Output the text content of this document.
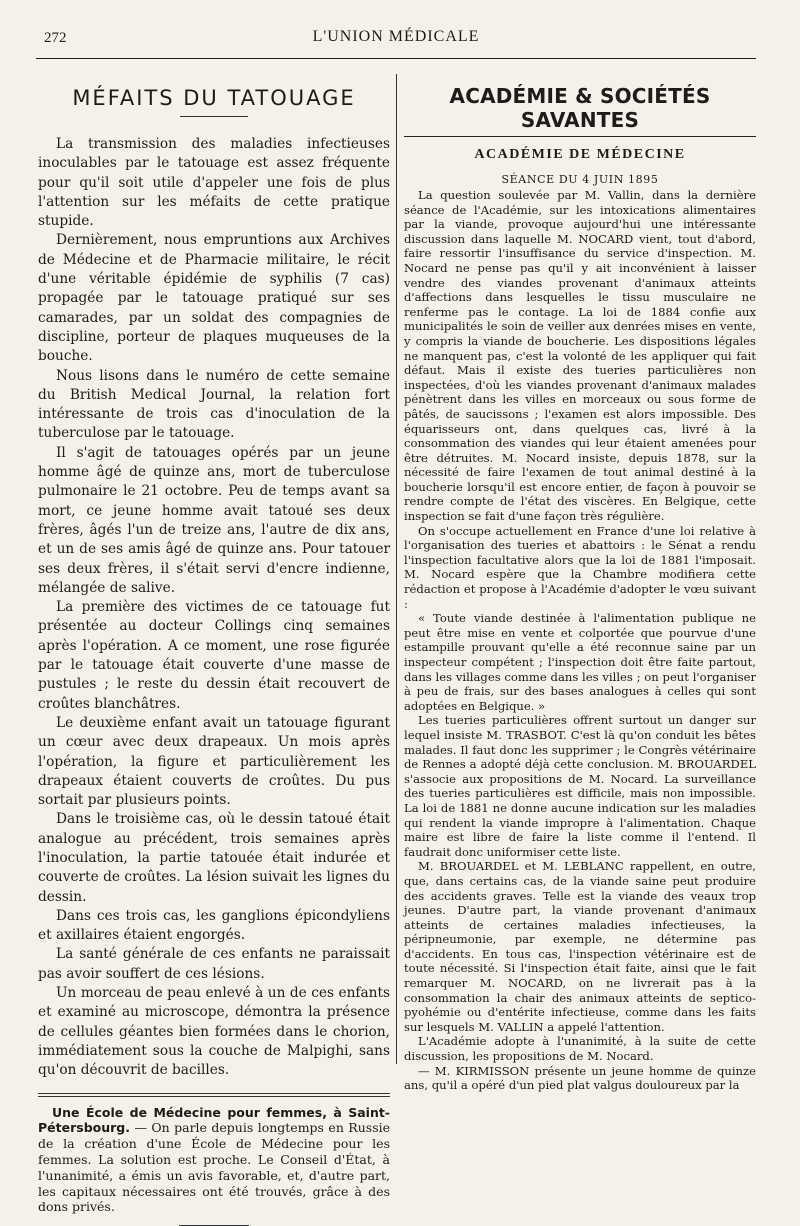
272	L'UNION MÉDICALE
MÉFAITS DU TATOUAGE

La transmission des maladies infectieuses inoculables par le tatouage est assez fréquente pour qu'il soit utile d'appeler une fois de plus l'attention sur les méfaits de cette pratique stupide.

Dernièrement, nous empruntions aux Archives de Médecine et de Pharmacie militaire, le récit d'une véritable épidémie de syphilis (7 cas) propagée par le tatouage pratiqué sur ses camarades, par un soldat des compagnies de discipline, porteur de plaques muqueuses de la bouche.

Nous lisons dans le numéro de cette semaine du British Medical Journal, la relation fort intéressante de trois cas d'inoculation de la tuberculose par le tatouage.

Il s'agit de tatouages opérés par un jeune homme âgé de quinze ans, mort de tuberculose pulmonaire le 21 octobre. Peu de temps avant sa mort, ce jeune homme avait tatoué ses deux frères, âgés l'un de treize ans, l'autre de dix ans, et un de ses amis âgé de quinze ans. Pour tatouer ses deux frères, il s'était servi d'encre indienne, mélangée de salive.

La première des victimes de ce tatouage fut présentée au docteur Collings cinq semaines après l'opération. A ce moment, une rose figurée par le tatouage était couverte d'une masse de pustules ; le reste du dessin était recouvert de croûtes blanchâtres.

Le deuxième enfant avait un tatouage figurant un cœur avec deux drapeaux. Un mois après l'opération, la figure et particulièrement les drapeaux étaient couverts de croûtes. Du pus sortait par plusieurs points.

Dans le troisième cas, où le dessin tatoué était analogue au précédent, trois semaines après l'inoculation, la partie tatouée était indurée et couverte de croûtes. La lésion suivait les lignes du dessin.

Dans ces trois cas, les ganglions épicondyliens et axillaires étaient engorgés.

La santé générale de ces enfants ne paraissait pas avoir souffert de ces lésions.

Un morceau de peau enlevé à un de ces enfants et examiné au microscope, démontra la présence de cellules géantes bien formées dans le chorion, immédiatement sous la couche de Malpighi, sans qu'on découvrit de bacilles.

Une École de Médecine pour femmes, à Saint-Pétersbourg. — On parle depuis longtemps en Russie de la création d'une École de Médecine pour les femmes. La solution est proche. Le Conseil d'État, à l'unanimité, a émis un avis favorable, et, d'autre part, les capitaux nécessaires ont été trouvés, grâce à des dons privés.

ACADÉMIE & SOCIÉTÉS SAVANTES
ACADÉMIE DE MÉDECINE
SÉANCE DU 4 JUIN 1895

La question soulevée par M. Vallin, dans la dernière séance de l'Académie, sur les intoxications alimentaires par la viande, provoque aujourd'hui une intéressante discussion dans laquelle M. NOCARD vient, tout d'abord, faire ressortir l'insuffisance du service d'inspection. M. Nocard ne pense pas qu'il y ait inconvénient à laisser vendre des viandes provenant d'animaux atteints d'affections dans lesquelles le tissu musculaire ne renferme pas le contage. La loi de 1884 confie aux municipalités le soin de veiller aux denrées mises en vente, y compris la viande de boucherie. Les dispositions légales ne manquent pas, c'est la volonté de les appliquer qui fait défaut. Mais il existe des tueries particulières non inspectées, d'où les viandes provenant d'animaux malades pénètrent dans les villes en morceaux ou sous forme de pâtés, de saucissons ; l'examen est alors impossible. Des équarisseurs ont, dans quelques cas, livré à la consommation des viandes qui leur étaient amenées pour être détruites. M. Nocard insiste, depuis 1878, sur la nécessité de faire l'examen de tout animal destiné à la boucherie lorsqu'il est encore entier, de façon à pouvoir se rendre compte de l'état des viscères. En Belgique, cette inspection se fait d'une façon très régulière.

On s'occupe actuellement en France d'une loi relative à l'organisation des tueries et abattoirs : le Sénat a rendu l'inspection facultative alors que la loi de 1881 l'imposait. M. Nocard espère que la Chambre modifiera cette rédaction et propose à l'Académie d'adopter le vœu suivant :

« Toute viande destinée à l'alimentation publique ne peut être mise en vente et colportée que pourvue d'une estampille prouvant qu'elle a été reconnue saine par un inspecteur compétent ; l'inspection doit être faite partout, dans les villages comme dans les villes ; on peut l'organiser à peu de frais, sur des bases analogues à celles qui sont adoptées en Belgique. »

Les tueries particulières offrent surtout un danger sur lequel insiste M. TRASBOT. C'est là qu'on conduit les bêtes malades. Il faut donc les supprimer ; le Congrès vétérinaire de Rennes a adopté déjà cette conclusion. M. BROUARDEL s'associe aux propositions de M. Nocard. La surveillance des tueries particulières est difficile, mais non impossible. La loi de 1881 ne donne aucune indication sur les maladies qui rendent la viande impropre à l'alimentation. Chaque maire est libre de faire la liste comme il l'entend. Il faudrait donc uniformiser cette liste.

M. BROUARDEL et M. LEBLANC rappellent, en outre, que, dans certains cas, de la viande saine peut produire des accidents graves. Telle est la viande des veaux trop jeunes. D'autre part, la viande provenant d'animaux atteints de certaines maladies infectieuses, la péripneumonie, par exemple, ne détermine pas d'accidents. En tous cas, l'inspection vétérinaire est de toute nécessité. Si l'inspection était faite, ainsi que le fait remarquer M. NOCARD, on ne livrerait pas à la consommation la chair des animaux atteints de septico-pyohémie ou d'entérite infectieuse, comme dans les faits sur lesquels M. VALLIN a appelé l'attention.

L'Académie adopte à l'unanimité, à la suite de cette discussion, les propositions de M. Nocard.

— M. KIRMISSON présente un jeune homme de quinze ans, qu'il a opéré d'un pied plat valgus douloureux par la
